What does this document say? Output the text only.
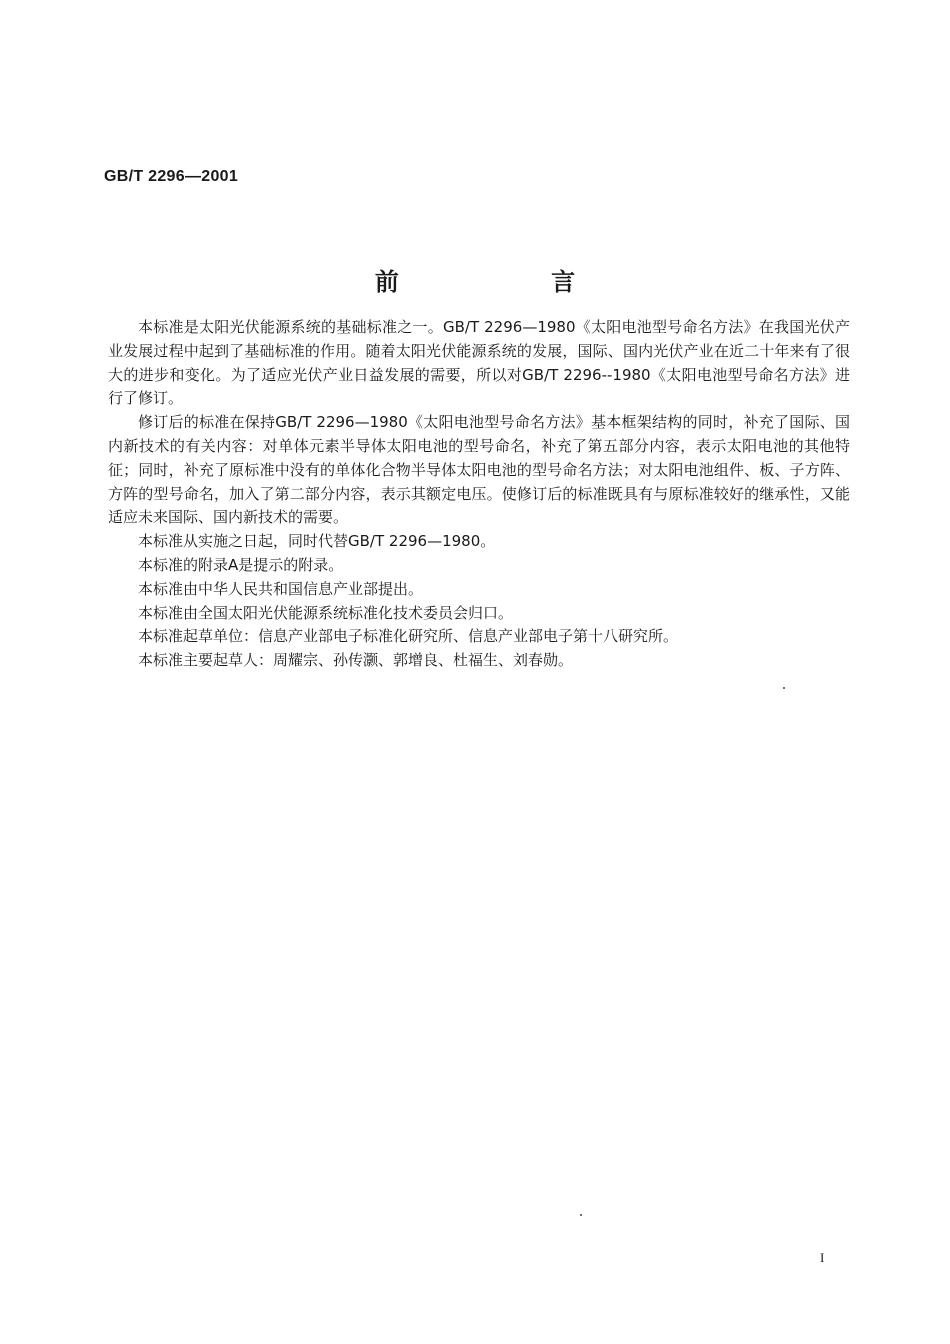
GB/T 2296—2001
前 言

本标准是太阳光伏能源系统的基础标准之一。GB/T 2296—1980《太阳电池型号命名方法》在我国光伏产业发展过程中起到了基础标准的作用。随着太阳光伏能源系统的发展，国际、国内光伏产业在近二十年来有了很大的进步和变化。为了适应光伏产业日益发展的需要，所以对GB/T 2296--1980《太阳电池型号命名方法》进行了修订。

修订后的标准在保持GB/T 2296—1980《太阳电池型号命名方法》基本框架结构的同时，补充了国际、国内新技术的有关内容：对单体元素半导体太阳电池的型号命名，补充了第五部分内容，表示太阳电池的其他特征；同时，补充了原标准中没有的单体化合物半导体太阳电池的型号命名方法；对太阳电池组件、板、子方阵、方阵的型号命名，加入了第二部分内容，表示其额定电压。使修订后的标准既具有与原标准较好的继承性，又能适应未来国际、国内新技术的需要。

本标准从实施之日起，同时代替GB/T 2296—1980。

本标准的附录A是提示的附录。

本标准由中华人民共和国信息产业部提出。

本标准由全国太阳光伏能源系统标准化技术委员会归口。

本标准起草单位：信息产业部电子标准化研究所、信息产业部电子第十八研究所。

本标准主要起草人：周耀宗、孙传灏、郭增良、杜福生、刘春勋。

I
